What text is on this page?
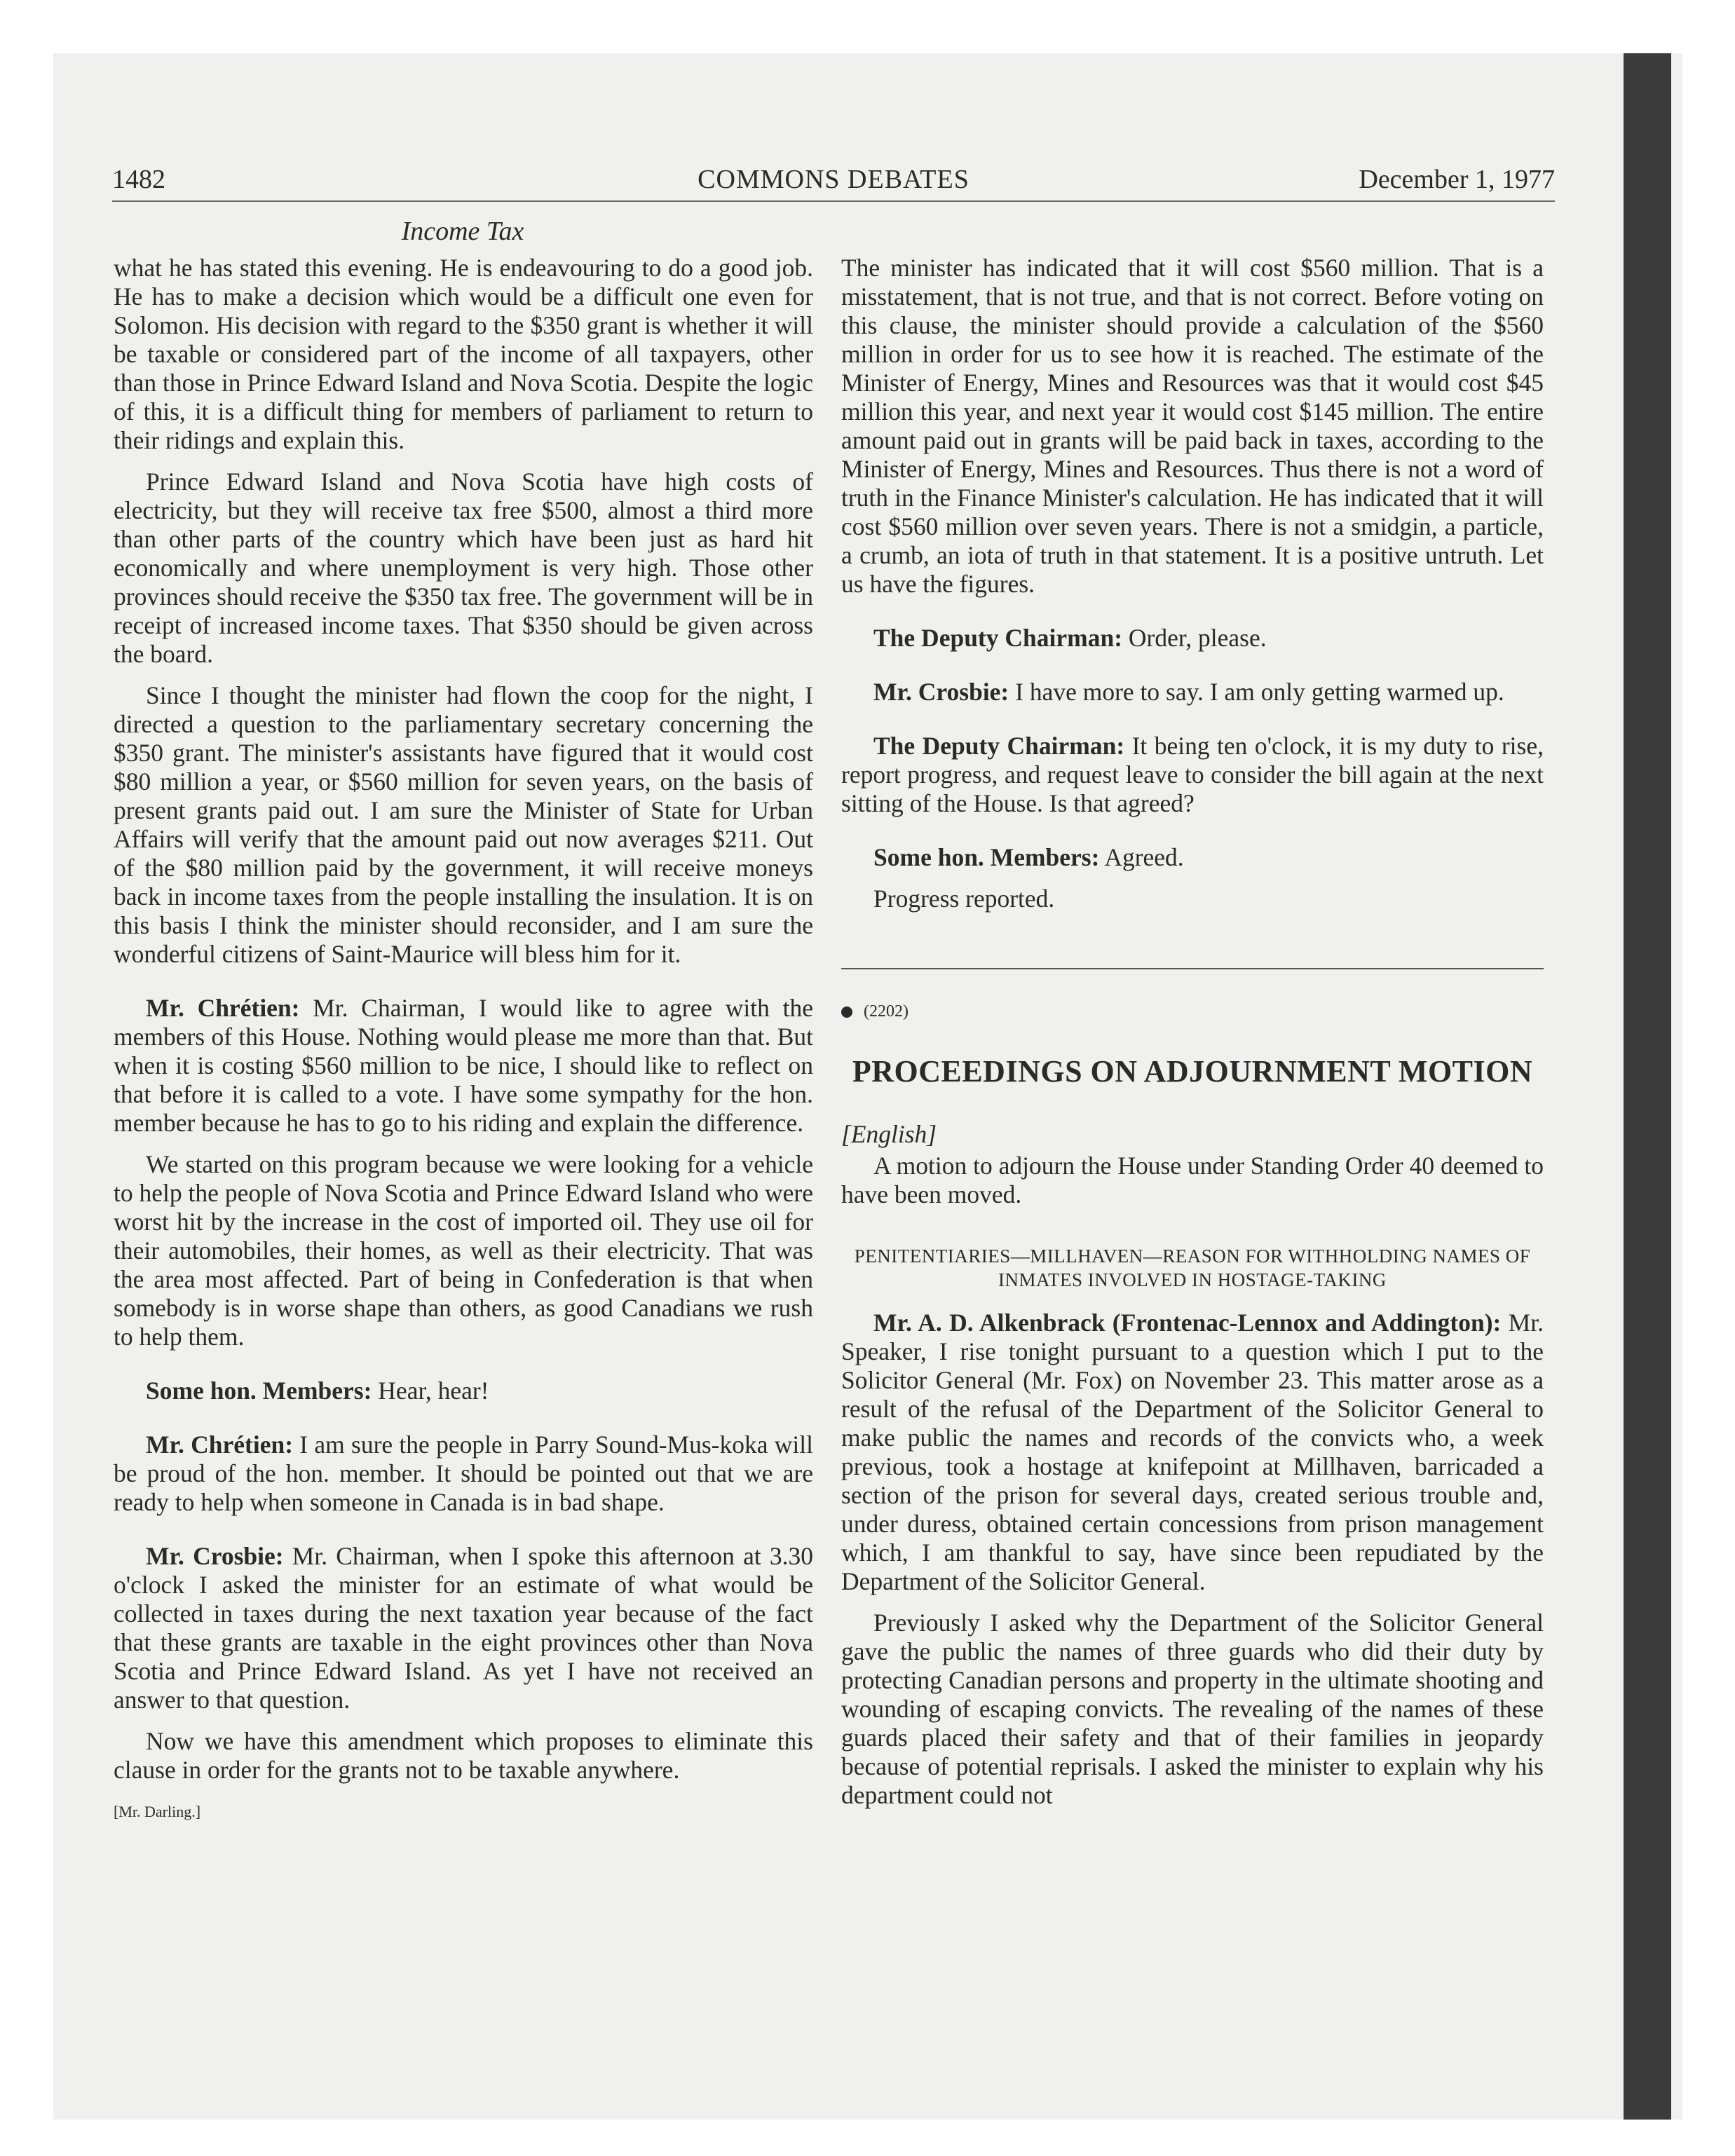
1482	COMMONS DEBATES	December 1, 1977
Income Tax

what he has stated this evening. He is endeavouring to do a good job. He has to make a decision which would be a difficult one even for Solomon. His decision with regard to the $350 grant is whether it will be taxable or considered part of the income of all taxpayers, other than those in Prince Edward Island and Nova Scotia. Despite the logic of this, it is a difficult thing for members of parliament to return to their ridings and explain this.

Prince Edward Island and Nova Scotia have high costs of electricity, but they will receive tax free $500, almost a third more than other parts of the country which have been just as hard hit economically and where unemployment is very high. Those other provinces should receive the $350 tax free. The government will be in receipt of increased income taxes. That $350 should be given across the board.

Since I thought the minister had flown the coop for the night, I directed a question to the parliamentary secretary concerning the $350 grant. The minister's assistants have figured that it would cost $80 million a year, or $560 million for seven years, on the basis of present grants paid out. I am sure the Minister of State for Urban Affairs will verify that the amount paid out now averages $211. Out of the $80 million paid by the government, it will receive moneys back in income taxes from the people installing the insulation. It is on this basis I think the minister should reconsider, and I am sure the wonderful citizens of Saint-Maurice will bless him for it.

Mr. Chrétien: Mr. Chairman, I would like to agree with the members of this House. Nothing would please me more than that. But when it is costing $560 million to be nice, I should like to reflect on that before it is called to a vote. I have some sympathy for the hon. member because he has to go to his riding and explain the difference.

We started on this program because we were looking for a vehicle to help the people of Nova Scotia and Prince Edward Island who were worst hit by the increase in the cost of imported oil. They use oil for their automobiles, their homes, as well as their electricity. That was the area most affected. Part of being in Confederation is that when somebody is in worse shape than others, as good Canadians we rush to help them.

Some hon. Members: Hear, hear!

Mr. Chrétien: I am sure the people in Parry Sound-Mus-koka will be proud of the hon. member. It should be pointed out that we are ready to help when someone in Canada is in bad shape.

Mr. Crosbie: Mr. Chairman, when I spoke this afternoon at 3.30 o'clock I asked the minister for an estimate of what would be collected in taxes during the next taxation year because of the fact that these grants are taxable in the eight provinces other than Nova Scotia and Prince Edward Island. As yet I have not received an answer to that question.

Now we have this amendment which proposes to eliminate this clause in order for the grants not to be taxable anywhere.

[Mr. Darling.]

The minister has indicated that it will cost $560 million. That is a misstatement, that is not true, and that is not correct. Before voting on this clause, the minister should provide a calculation of the $560 million in order for us to see how it is reached. The estimate of the Minister of Energy, Mines and Resources was that it would cost $45 million this year, and next year it would cost $145 million. The entire amount paid out in grants will be paid back in taxes, according to the Minister of Energy, Mines and Resources. Thus there is not a word of truth in the Finance Minister's calculation. He has indicated that it will cost $560 million over seven years. There is not a smidgin, a particle, a crumb, an iota of truth in that statement. It is a positive untruth. Let us have the figures.

The Deputy Chairman: Order, please.

Mr. Crosbie: I have more to say. I am only getting warmed up.

The Deputy Chairman: It being ten o'clock, it is my duty to rise, report progress, and request leave to consider the bill again at the next sitting of the House. Is that agreed?

Some hon. Members: Agreed.

Progress reported.

(2202)
PROCEEDINGS ON ADJOURNMENT MOTION

[English]

A motion to adjourn the House under Standing Order 40 deemed to have been moved.

PENITENTIARIES—MILLHAVEN—REASON FOR WITHHOLDING NAMES OF INMATES INVOLVED IN HOSTAGE-TAKING

Mr. A. D. Alkenbrack (Frontenac-Lennox and Addington): Mr. Speaker, I rise tonight pursuant to a question which I put to the Solicitor General (Mr. Fox) on November 23. This matter arose as a result of the refusal of the Department of the Solicitor General to make public the names and records of the convicts who, a week previous, took a hostage at knifepoint at Millhaven, barricaded a section of the prison for several days, created serious trouble and, under duress, obtained certain concessions from prison management which, I am thankful to say, have since been repudiated by the Department of the Solicitor General.

Previously I asked why the Department of the Solicitor General gave the public the names of three guards who did their duty by protecting Canadian persons and property in the ultimate shooting and wounding of escaping convicts. The revealing of the names of these guards placed their safety and that of their families in jeopardy because of potential reprisals. I asked the minister to explain why his department could not
